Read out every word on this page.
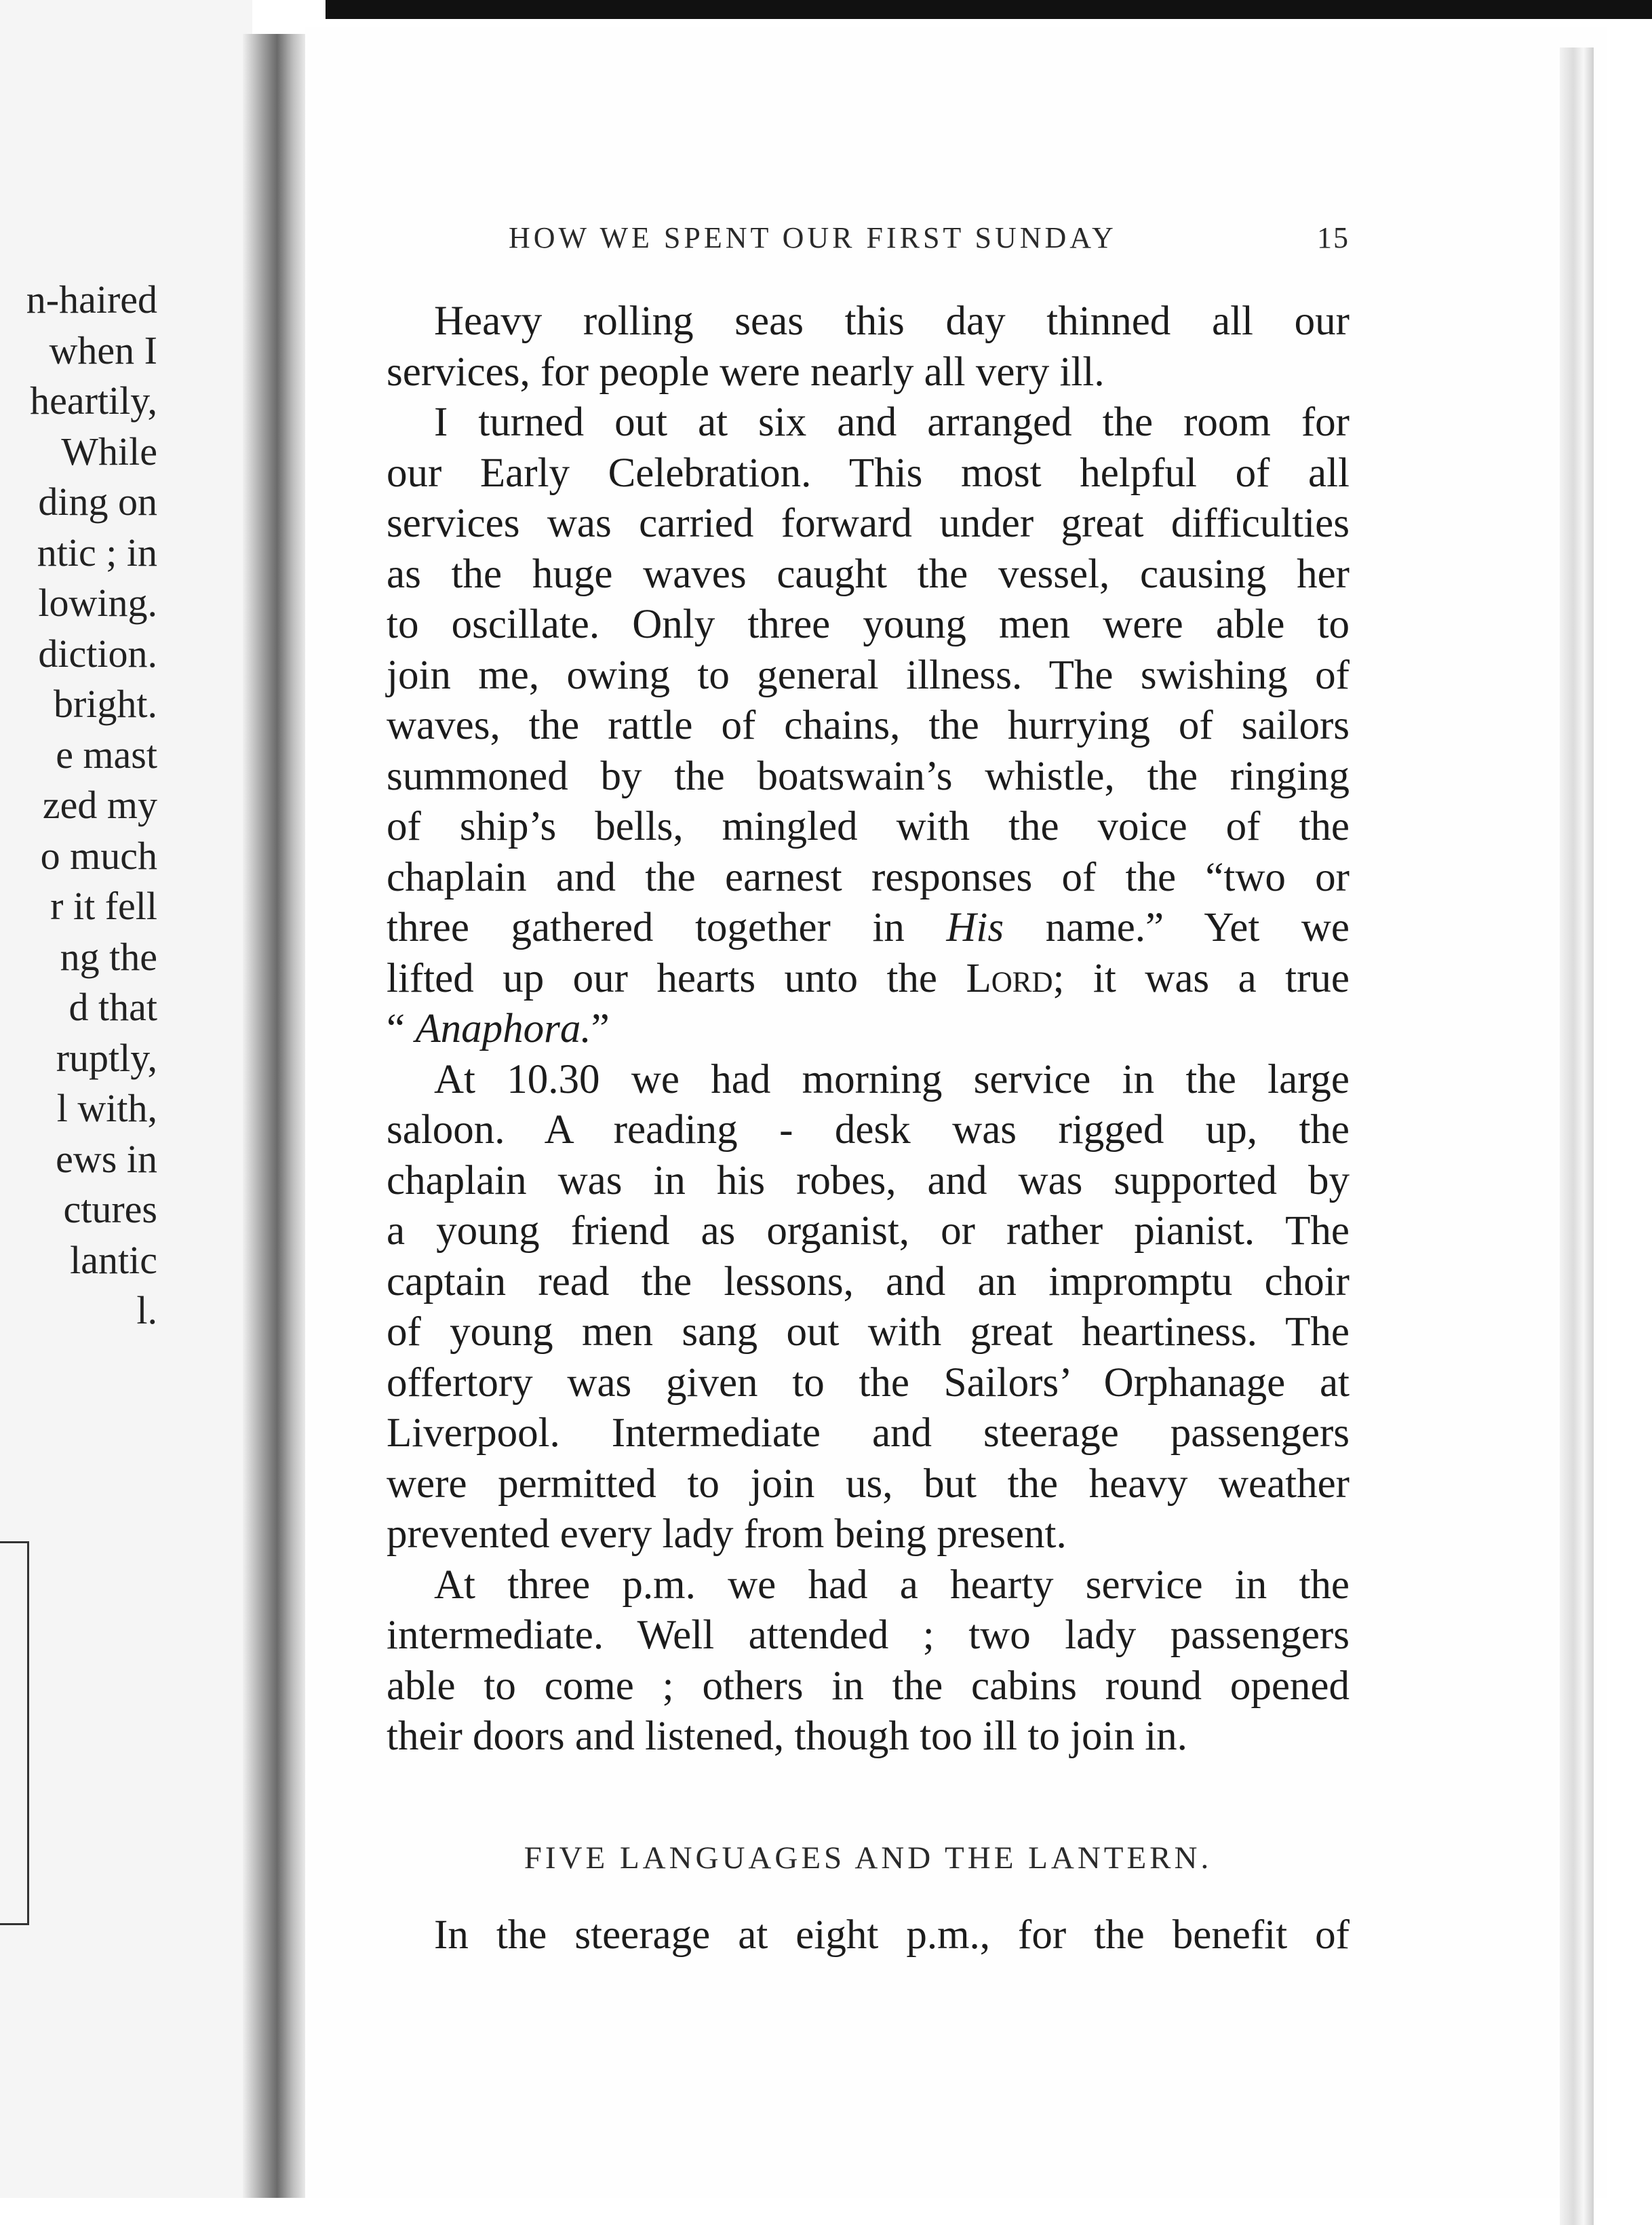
n-haired
when I
heartily,
While
ding on
ntic ; in
lowing.
diction.
bright.
e mast
zed my
o much
r it fell
ng the
d that
ruptly,
l with,
ews in
ctures
lantic
l.
HOW WE SPENT OUR FIRST SUNDAY	15

Heavy rolling seas this day thinned all our
services, for people were nearly all very ill.

I turned out at six and arranged the room for
our Early Celebration. This most helpful of all
services was carried forward under great difficulties
as the huge waves caught the vessel, causing her
to oscillate. Only three young men were able to
join me, owing to general illness. The swishing of
waves, the rattle of chains, the hurrying of sailors
summoned by the boatswain’s whistle, the ringing
of ship’s bells, mingled with the voice of the
chaplain and the earnest responses of the “two or
three gathered together in His name.” Yet we
lifted up our hearts unto the Lord; it was a true
“ Anaphora.”

At 10.30 we had morning service in the large
saloon. A reading - desk was rigged up, the
chaplain was in his robes, and was supported by
a young friend as organist, or rather pianist. The
captain read the lessons, and an impromptu choir
of young men sang out with great heartiness. The
offertory was given to the Sailors’ Orphanage at
Liverpool. Intermediate and steerage passengers
were permitted to join us, but the heavy weather
prevented every lady from being present.

At three p.m. we had a hearty service in the
intermediate. Well attended ; two lady passengers
able to come ; others in the cabins round opened
their doors and listened, though too ill to join in.

FIVE LANGUAGES AND THE LANTERN.
In the steerage at eight p.m., for the benefit of
